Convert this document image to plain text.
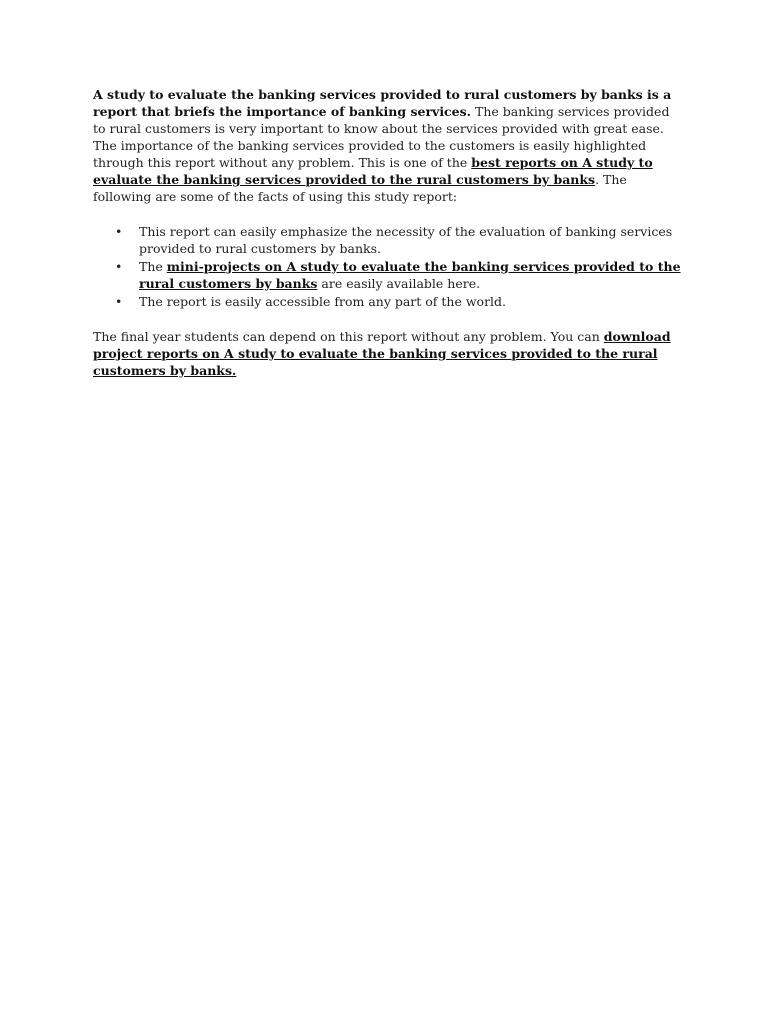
A study to evaluate the banking services provided to rural customers by banks is a report that briefs the importance of banking services. The banking services provided to rural customers is very important to know about the services provided with great ease. The importance of the banking services provided to the customers is easily highlighted through this report without any problem. This is one of the best reports on A study to evaluate the banking services provided to the rural customers by banks. The following are some of the facts of using this study report:

• This report can easily emphasize the necessity of the evaluation of banking services provided to rural customers by banks.
• The mini-projects on A study to evaluate the banking services provided to the rural customers by banks are easily available here.
• The report is easily accessible from any part of the world.

The final year students can depend on this report without any problem. You can download project reports on A study to evaluate the banking services provided to the rural customers by banks.
